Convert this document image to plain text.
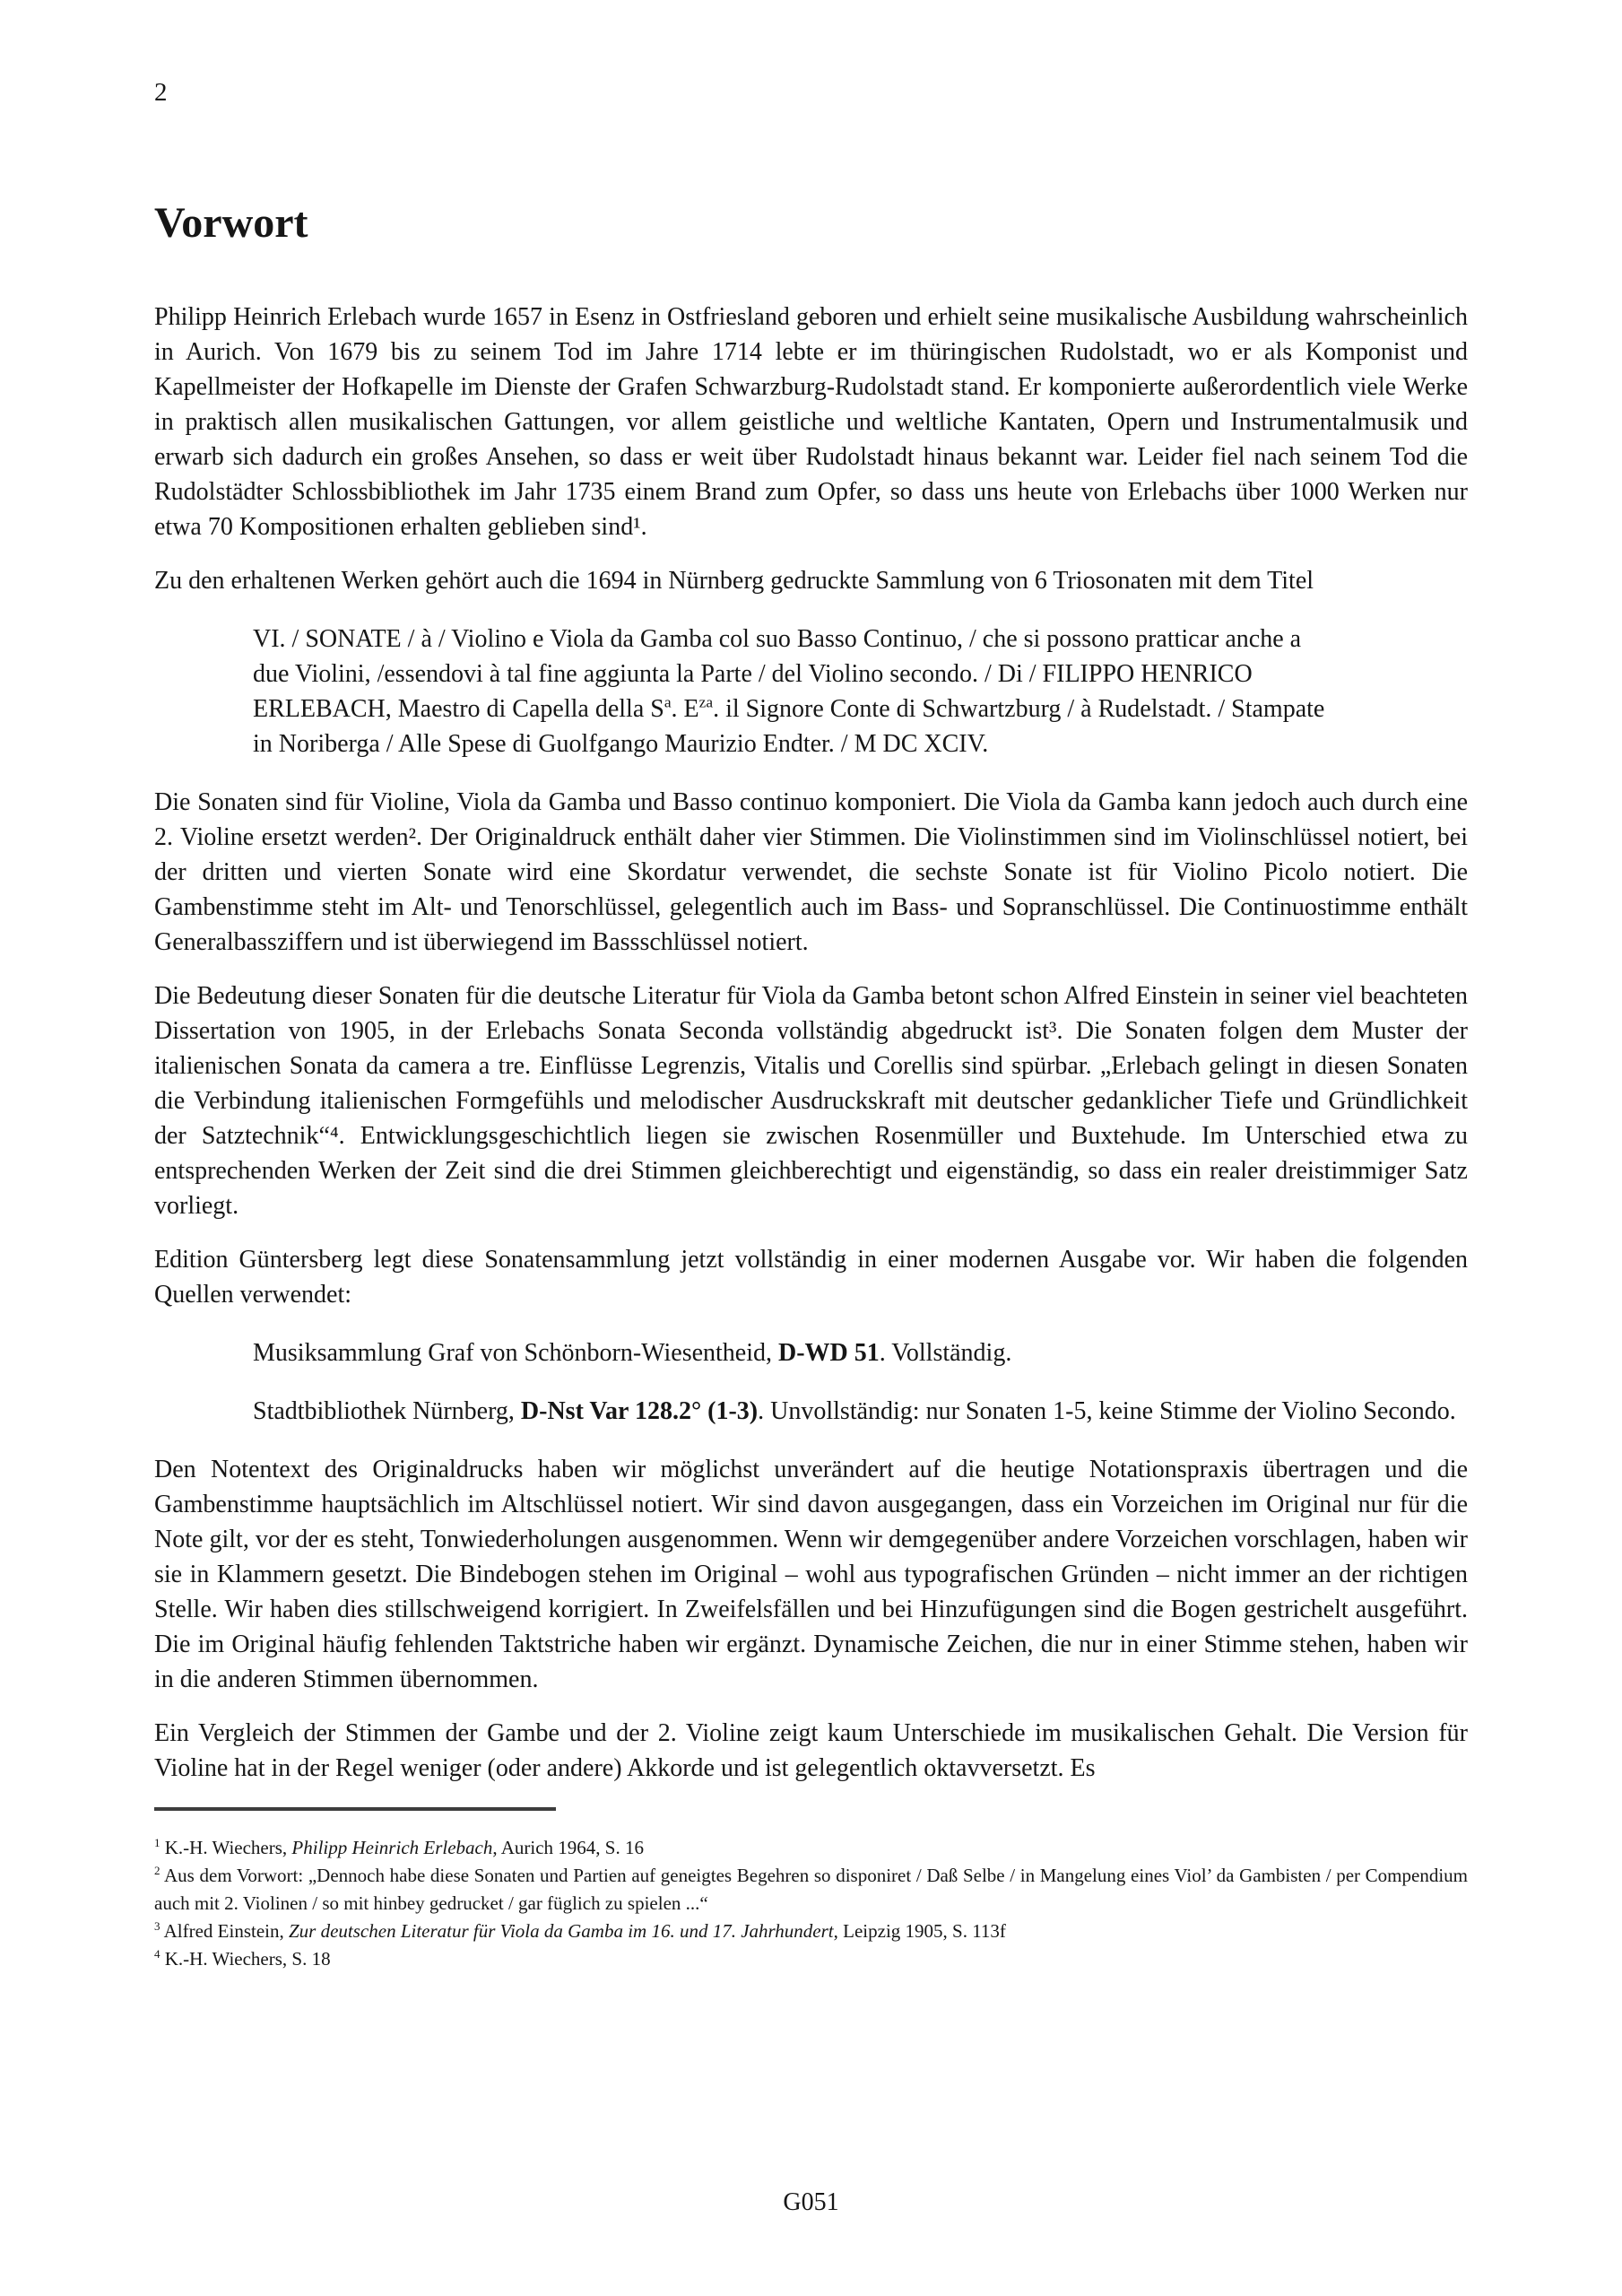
2
Vorwort

Philipp Heinrich Erlebach wurde 1657 in Esenz in Ostfriesland geboren und erhielt seine musikalische Ausbildung wahrscheinlich in Aurich. Von 1679 bis zu seinem Tod im Jahre 1714 lebte er im thüringischen Rudolstadt, wo er als Komponist und Kapellmeister der Hofkapelle im Dienste der Grafen Schwarzburg-Rudolstadt stand. Er komponierte außerordentlich viele Werke in praktisch allen musikalischen Gattungen, vor allem geistliche und weltliche Kantaten, Opern und Instrumentalmusik und erwarb sich dadurch ein großes Ansehen, so dass er weit über Rudolstadt hinaus bekannt war. Leider fiel nach seinem Tod die Rudolstädter Schlossbibliothek im Jahr 1735 einem Brand zum Opfer, so dass uns heute von Erlebachs über 1000 Werken nur etwa 70 Kompositionen erhalten geblieben sind¹.

Zu den erhaltenen Werken gehört auch die 1694 in Nürnberg gedruckte Sammlung von 6 Triosonaten mit dem Titel

VI. / SONATE / à / Violino e Viola da Gamba col suo Basso Continuo, / che si possono pratticar anche a due Violini, /essendovi à tal fine aggiunta la Parte / del Violino secondo. / Di / FILIPPO HENRICO ERLEBACH, Maestro di Capella della $S^a$. $E^{za}$. il Signore Conte di Schwartzburg / à Rudelstadt. / Stampate in Noriberga / Alle Spese di Guolfgango Maurizio Endter. / M DC XCIV.

Die Sonaten sind für Violine, Viola da Gamba und Basso continuo komponiert. Die Viola da Gamba kann jedoch auch durch eine 2. Violine ersetzt werden². Der Originaldruck enthält daher vier Stimmen. Die Violinstimmen sind im Violinschlüssel notiert, bei der dritten und vierten Sonate wird eine Skordatur verwendet, die sechste Sonate ist für Violino Picolo notiert. Die Gambenstimme steht im Alt- und Tenorschlüssel, gelegentlich auch im Bass- und Sopranschlüssel. Die Continuostimme enthält Generalbassziffern und ist überwiegend im Bassschlüssel notiert.

Die Bedeutung dieser Sonaten für die deutsche Literatur für Viola da Gamba betont schon Alfred Einstein in seiner viel beachteten Dissertation von 1905, in der Erlebachs Sonata Seconda vollständig abgedruckt ist³. Die Sonaten folgen dem Muster der italienischen Sonata da camera a tre. Einflüsse Legrenzis, Vitalis und Corellis sind spürbar. „Erlebach gelingt in diesen Sonaten die Verbindung italienischen Formgefühls und melodischer Ausdruckskraft mit deutscher gedanklicher Tiefe und Gründlichkeit der Satztechnik“⁴. Entwicklungsgeschichtlich liegen sie zwischen Rosenmüller und Buxtehude. Im Unterschied etwa zu entsprechenden Werken der Zeit sind die drei Stimmen gleichberechtigt und eigenständig, so dass ein realer dreistimmiger Satz vorliegt.

Edition Güntersberg legt diese Sonatensammlung jetzt vollständig in einer modernen Ausgabe vor. Wir haben die folgenden Quellen verwendet:

Musiksammlung Graf von Schönborn-Wiesentheid, D-WD 51. Vollständig.
Stadtbibliothek Nürnberg, D-Nst Var 128.2° (1-3). Unvollständig: nur Sonaten 1-5, keine Stimme der Violino Secondo.

Den Notentext des Originaldrucks haben wir möglichst unverändert auf die heutige Notationspraxis übertragen und die Gambenstimme hauptsächlich im Altschlüssel notiert. Wir sind davon ausgegangen, dass ein Vorzeichen im Original nur für die Note gilt, vor der es steht, Tonwiederholungen ausgenommen. Wenn wir demgegenüber andere Vorzeichen vorschlagen, haben wir sie in Klammern gesetzt. Die Bindebogen stehen im Original – wohl aus typografischen Gründen – nicht immer an der richtigen Stelle. Wir haben dies stillschweigend korrigiert. In Zweifelsfällen und bei Hinzufügungen sind die Bogen gestrichelt ausgeführt. Die im Original häufig fehlenden Taktstriche haben wir ergänzt. Dynamische Zeichen, die nur in einer Stimme stehen, haben wir in die anderen Stimmen übernommen.

Ein Vergleich der Stimmen der Gambe und der 2. Violine zeigt kaum Unterschiede im musikalischen Gehalt. Die Version für Violine hat in der Regel weniger (oder andere) Akkorde und ist gelegentlich oktavversetzt. Es

$^1$ K.-H. Wiechers, Philipp Heinrich Erlebach, Aurich 1964, S. 16

$^2$ Aus dem Vorwort: „Dennoch habe diese Sonaten und Partien auf geneigtes Begehren so disponiret / Daß Selbe / in Mangelung eines Viol’ da Gambisten / per Compendium auch mit 2. Violinen / so mit hinbey gedrucket / gar füglich zu spielen ...“

$^3$ Alfred Einstein, Zur deutschen Literatur für Viola da Gamba im 16. und 17. Jahrhundert, Leipzig 1905, S. 113f

$^4$ K.-H. Wiechers, S. 18

G051
